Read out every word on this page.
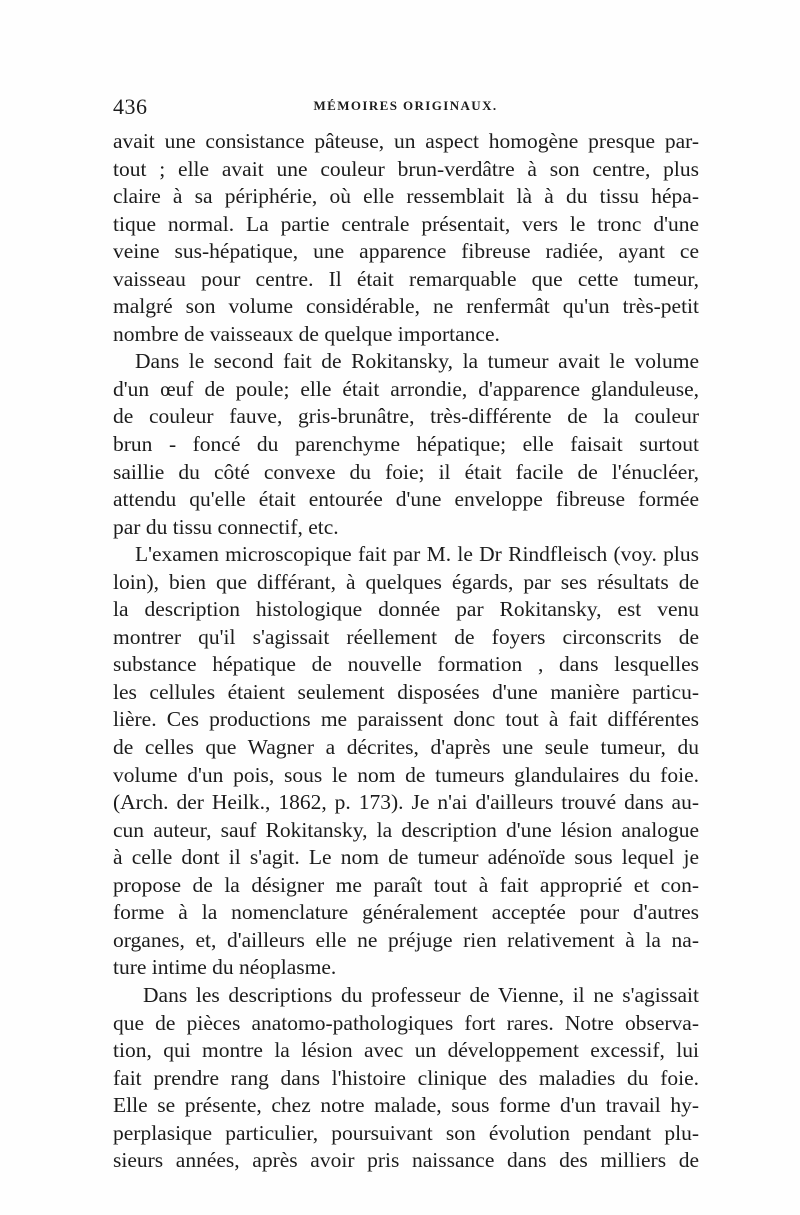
436	MÉMOIRES ORIGINAUX.
avait une consistance pâteuse, un aspect homogène presque par-
tout ; elle avait une couleur brun-verdâtre à son centre, plus
claire à sa périphérie, où elle ressemblait là à du tissu hépa-
tique normal. La partie centrale présentait, vers le tronc d'une
veine sus-hépatique, une apparence fibreuse radiée, ayant ce
vaisseau pour centre. Il était remarquable que cette tumeur,
malgré son volume considérable, ne renfermât qu'un très-petit
nombre de vaisseaux de quelque importance.
Dans le second fait de Rokitansky, la tumeur avait le volume
d'un œuf de poule; elle était arrondie, d'apparence glanduleuse,
de couleur fauve, gris-brunâtre, très-différente de la couleur
brun - foncé du parenchyme hépatique; elle faisait surtout
saillie du côté convexe du foie; il était facile de l'énucléer,
attendu qu'elle était entourée d'une enveloppe fibreuse formée
par du tissu connectif, etc.
L'examen microscopique fait par M. le Dr Rindfleisch (voy. plus
loin), bien que différant, à quelques égards, par ses résultats de
la description histologique donnée par Rokitansky, est venu
montrer qu'il s'agissait réellement de foyers circonscrits de
substance hépatique de nouvelle formation , dans lesquelles
les cellules étaient seulement disposées d'une manière particu-
lière. Ces productions me paraissent donc tout à fait différentes
de celles que Wagner a décrites, d'après une seule tumeur, du
volume d'un pois, sous le nom de tumeurs glandulaires du foie.
(Arch. der Heilk., 1862, p. 173). Je n'ai d'ailleurs trouvé dans au-
cun auteur, sauf Rokitansky, la description d'une lésion analogue
à celle dont il s'agit. Le nom de tumeur adénoïde sous lequel je
propose de la désigner me paraît tout à fait approprié et con-
forme à la nomenclature généralement acceptée pour d'autres
organes, et, d'ailleurs elle ne préjuge rien relativement à la na-
ture intime du néoplasme.
Dans les descriptions du professeur de Vienne, il ne s'agissait
que de pièces anatomo-pathologiques fort rares. Notre observa-
tion, qui montre la lésion avec un développement excessif, lui
fait prendre rang dans l'histoire clinique des maladies du foie.
Elle se présente, chez notre malade, sous forme d'un travail hy-
perplasique particulier, poursuivant son évolution pendant plu-
sieurs années, après avoir pris naissance dans des milliers de
